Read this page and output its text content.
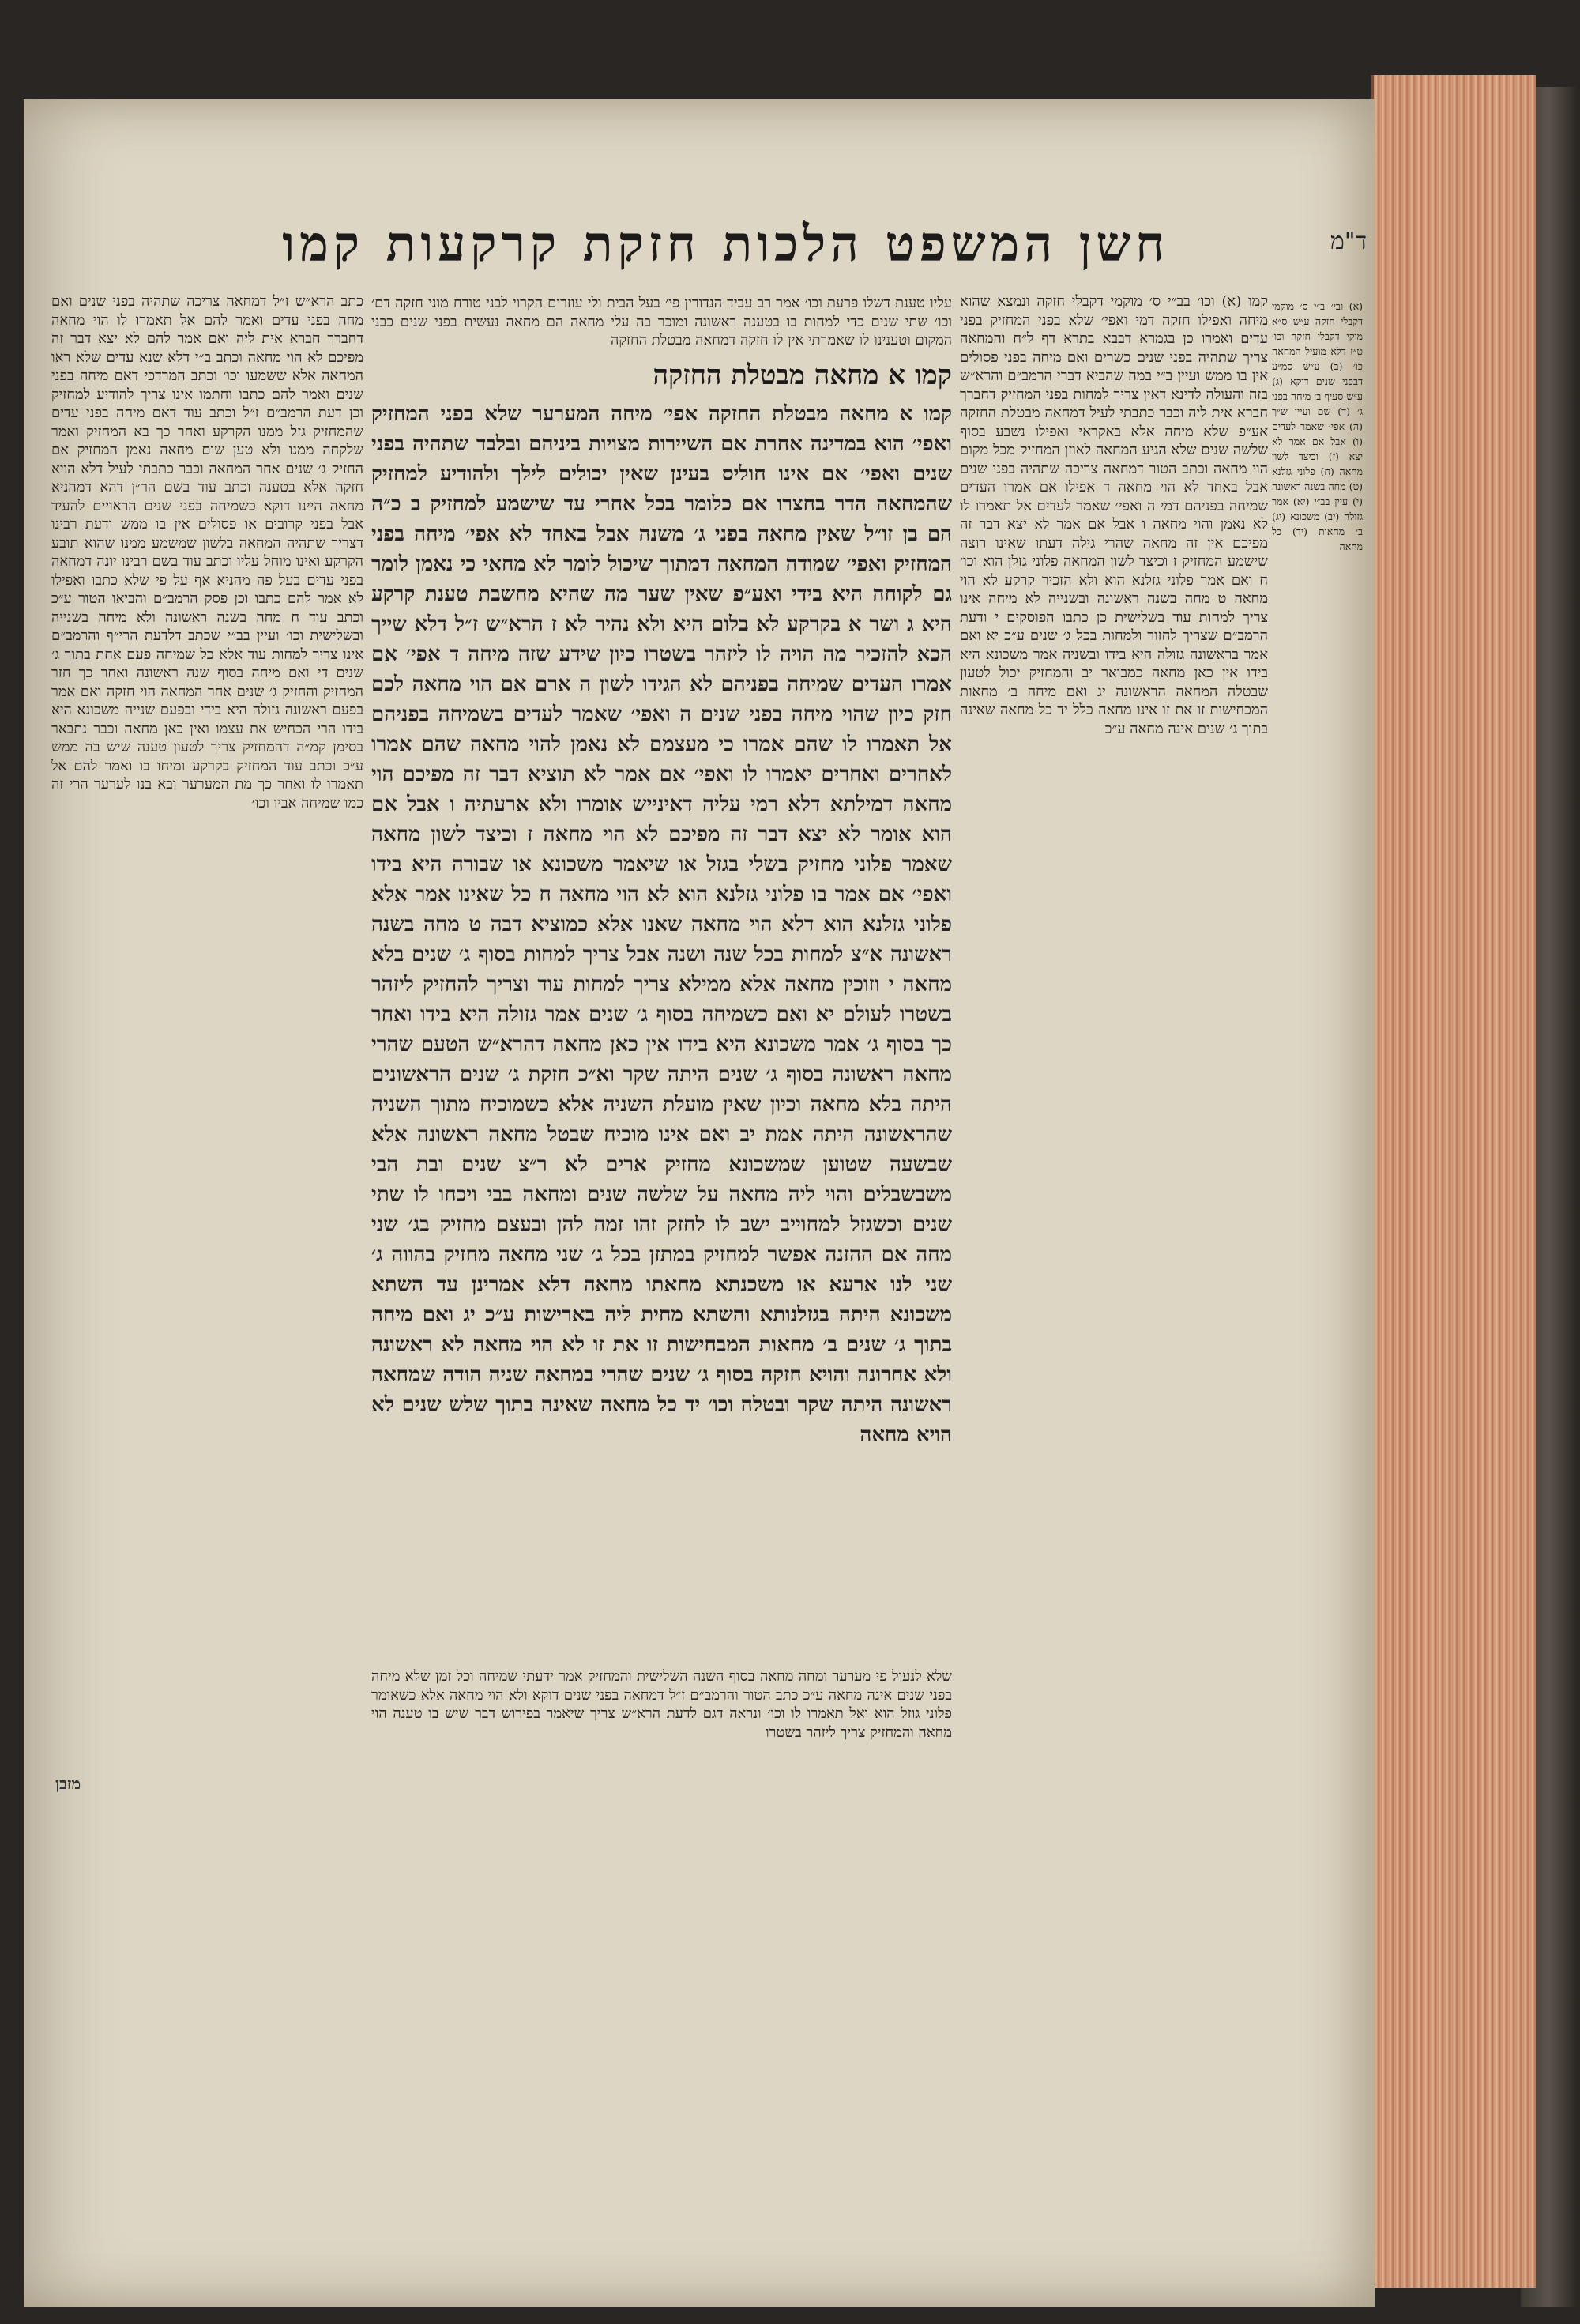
ד"מ
חשן המשפט הלכות חזקת קרקעות קמו
עליו טענת דשלו פרעת וכו׳ אמר רב עביד הנדורין פי׳ בעל הבית ולי עוזרים הקרוי לבני טורח מוני חזקה דם׳ וכו׳ שתי שנים כדי למחות בו בטענה ראשונה ומוכר בה עלי מחאה הם מחאה נעשית בפני שנים כבני המקום וטענינו לו שאמרתי אין לו חזקה דמחאה מבטלת החזקה
קמו א מחאה מבטלת החזקה
קמו א מחאה מבטלת החזקה אפי׳ מיחה המערער שלא בפני המחזיק ואפי׳ הוא במדינה אחרת אם השיירות מצויות ביניהם ובלבד שתהיה בפני שנים ואפי׳ אם אינו חוליס בעינן שאין יכולים לילך ולהודיע למחזיק שהמחאה הדר בחצרו אם כלומר בכל אחרי עד שישמע למחזיק ב כ״ה הם בן זו״ל שאין מחאה בפני ג׳ משנה אבל באחד לא אפי׳ מיחה בפני המחזיק ואפי׳ שמודה המחאה דמתוך שיכול לומר לא מחאי כי נאמן לומר גם לקוחה היא בידי ואע״פ שאין שער מה שהיא מחשבת טענת קרקע היא ג ושר א בקרקע לא בלום היא ולא נהיר לא ז הרא״ש ז״ל דלא שייך הכא להזכיר מה הויה לו ליזהר בשטרו כיון שידע שזה מיחה ד אפי׳ אם אמרו העדים שמיחה בפניהם לא הגידו לשון ה ארם אם הוי מחאה לכם חזק כיון שהוי מיחה בפני שנים ה ואפי׳ שאמר לעדים בשמיחה בפניהם אל תאמרו לו שהם אמרו כי מעצמם לא נאמן להוי מחאה שהם אמרו לאחרים ואחרים יאמרו לו ואפי׳ אם אמר לא תוציא דבר זה מפיכם הוי מחאה דמילתא דלא רמי עליה דאינייש אומרו ולא ארעתיה ו אבל אם הוא אומר לא יצא דבר זה מפיכם לא הוי מחאה ז וכיצד לשון מחאה שאמר פלוני מחזיק בשלי בגזל או שיאמר משכונא או שבורה היא בידו ואפי׳ אם אמר בו פלוני גזלנא הוא לא הוי מחאה ח כל שאינו אמר אלא פלוני גזלנא הוא דלא הוי מחאה שאנו אלא כמוציא דבה ט מחה בשנה ראשונה א״צ למחות בכל שנה ושנה אבל צריך למחות בסוף ג׳ שנים בלא מחאה י וזוכין מחאה אלא ממילא צריך למחות עוד וצריך להחזיק ליזהר בשטרו לעולם יא ואם כשמיחה בסוף ג׳ שנים אמר גזולה היא בידו ואחר כך בסוף ג׳ אמר משכונא היא בידו אין כאן מחאה דהרא״ש הטעם שהרי מחאה ראשונה בסוף ג׳ שנים היתה שקר וא״כ חזקת ג׳ שנים הראשונים היתה בלא מחאה וכיון שאין מועלת השניה אלא כשמוכיח מתוך השניה שהראשונה היתה אמת יב ואם אינו מוכיח שבטל מחאה ראשונה אלא שבשעה שטוען שמשכונא מחזיק ארים לא ר״צ שנים ובת הבי משבשבלים והוי ליה מחאה על שלשה שנים ומחאה בבי ויכחו לו שתי שנים וכשגזל למחוייב ישב לו לחזק זהו זמה להן ובעצם מחזיק בג׳ שני מחה אם ההזנה אפשר למחזיק במתזן בכל ג׳ שני מחאה מחזיק בהווה ג׳ שני לנו ארעא או משכנתא מחאתו מחאה דלא אמרינן עד השתא משכונא היתה בגזלנותא והשתא מחית ליה בארישות ע״כ יג ואם מיחה בתוך ג׳ שנים ב׳ מחאות המבחישות זו את זו לא הוי מחאה לא ראשונה ולא אחרונה והויא חזקה בסוף ג׳ שנים שהרי במחאה שניה הודה שמחאה ראשונה היתה שקר ובטלה וכו׳ יד כל מחאה שאינה בתוך שלש שנים לא הויא מחאה
קמו (א) וכו׳ בב״י ס׳ מוקמי דקבלי חזקה ונמצא שהוא מיחה ואפילו חזקה דמי ואפי׳ שלא בפני המחזיק בפני עדים ואמרו כן בגמרא דבבא בתרא דף ל״ח והמחאה צריך שתהיה בפני שנים כשרים ואם מיחה בפני פסולים אין בו ממש ועיין ב״י במה שהביא דברי הרמב״ם והרא״ש בזה והעולה לדינא דאין צריך למחות בפני המחזיק דחברך חברא אית ליה וכבר כתבתי לעיל דמחאה מבטלת החזקה אע״פ שלא מיחה אלא באקראי ואפילו נשבע בסוף שלשה שנים שלא הגיע המחאה לאוזן המחזיק מכל מקום הוי מחאה וכתב הטור דמחאה צריכה שתהיה בפני שנים אבל באחד לא הוי מחאה ד אפילו אם אמרו העדים שמיחה בפניהם דמי ה ואפי׳ שאמר לעדים אל תאמרו לו לא נאמן והוי מחאה ו אבל אם אמר לא יצא דבר זה מפיכם אין זה מחאה שהרי גילה דעתו שאינו רוצה שישמע המחזיק ז וכיצד לשון המחאה פלוני גזלן הוא וכו׳ ח ואם אמר פלוני גזלנא הוא ולא הזכיר קרקע לא הוי מחאה ט מחה בשנה ראשונה ובשנייה לא מיחה אינו צריך למחות עוד בשלישית כן כתבו הפוסקים י ודעת הרמב״ם שצריך לחזור ולמחות בכל ג׳ שנים ע״כ יא ואם אמר בראשונה גזולה היא בידו ובשניה אמר משכונא היא בידו אין כאן מחאה כמבואר יב והמחזיק יכול לטעון שבטלה המחאה הראשונה יג ואם מיחה ב׳ מחאות המכחישות זו את זו אינו מחאה כלל יד כל מחאה שאינה בתוך ג׳ שנים אינה מחאה ע״כ
(א) ובי׳ ב״י ס׳ מוקמי דקבלי חזקה ע״ש ס״א מוקי דקבלי חזקה וכו׳ ט״ז דלא מועיל המחאה כו׳ (ב) ע״ש סמ״ע דבפני שנים דוקא (ג) ע״ש סעיף ב׳ מיחה בפני ג׳ (ד) שם ועיין ש״ך (ה) אפי׳ שאמר לעדים (ו) אבל אם אמר לא יצא (ז) וכיצד לשון מחאה (ח) פלוני גזלנא (ט) מחה בשנה ראשונה (י) עיין בב״י (יא) אמר גזולה (יב) משכונא (יג) ב׳ מחאות (יד) כל מחאה
כתב הרא״ש ז״ל דמחאה צריכה שתהיה בפני שנים ואם מחה בפני עדים ואמר להם אל תאמרו לו הוי מחאה דחברך חברא אית ליה ואם אמר להם לא יצא דבר זה מפיכם לא הוי מחאה וכתב ב״י דלא שנא עדים שלא ראו המחאה אלא ששמעו וכו׳ וכתב המרדכי דאם מיחה בפני שנים ואמר להם כתבו וחתמו אינו צריך להודיע למחזיק וכן דעת הרמב״ם ז״ל וכתב עוד דאם מיחה בפני עדים שהמחזיק גזל ממנו הקרקע ואחר כך בא המחזיק ואמר שלקחה ממנו ולא טען שום מחאה נאמן המחזיק אם החזיק ג׳ שנים אחר המחאה וכבר כתבתי לעיל דלא הויא חזקה אלא בטענה וכתב עוד בשם הר״ן דהא דמהניא מחאה היינו דוקא כשמיחה בפני שנים הראויים להעיד אבל בפני קרובים או פסולים אין בו ממש ודעת רבינו דצריך שתהיה המחאה בלשון שמשמע ממנו שהוא תובע הקרקע ואינו מוחל עליו וכתב עוד בשם רבינו יונה דמחאה בפני עדים בעל פה מהניא אף על פי שלא כתבו ואפילו לא אמר להם כתבו וכן פסק הרמב״ם והביאו הטור ע״כ וכתב עוד ח מחה בשנה ראשונה ולא מיחה בשנייה ובשלישית וכו׳ ועיין בב״י שכתב דלדעת הרי״ף והרמב״ם אינו צריך למחות עוד אלא כל שמיחה פעם אחת בתוך ג׳ שנים די ואם מיחה בסוף שנה ראשונה ואחר כך חזר המחזיק והחזיק ג׳ שנים אחר המחאה הוי חזקה ואם אמר בפעם ראשונה גזולה היא בידי ובפעם שנייה משכונא היא בידו הרי הכחיש את עצמו ואין כאן מחאה וכבר נתבאר בסימן קמ״ה דהמחזיק צריך לטעון טענה שיש בה ממש ע״כ וכתב עוד המחזיק בקרקע ומיחו בו ואמר להם אל תאמרו לו ואחר כך מת המערער ובא בנו לערער הרי זה כמו שמיחה אביו וכו׳
שלא לנעול פי מערער ומחה מחאה בסוף השנה השלישית והמחזיק אמר ידעתי שמיחה וכל זמן שלא מיחה בפני שנים אינה מחאה ע״כ כתב הטור והרמב״ם ז״ל דמחאה בפני שנים דוקא ולא הוי מחאה אלא כשאומר פלוני גוזל הוא ואל תאמרו לו וכו׳ ונראה דגם לדעת הרא״ש צריך שיאמר בפירוש דבר שיש בו טענה הוי מחאה והמחזיק צריך ליזהר בשטרו
מזבן
